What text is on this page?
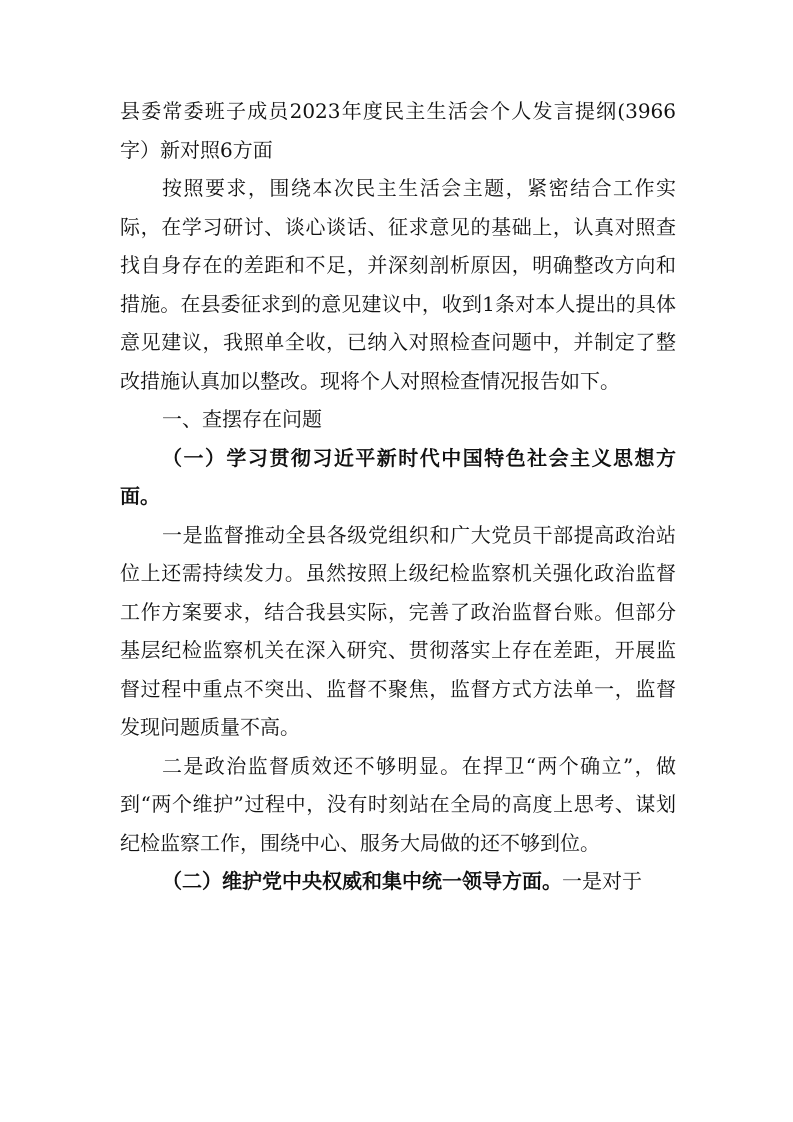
县委常委班子成员2023年度民主生活会个人发言提纲(3966字）新对照6方面

按照要求，围绕本次民主生活会主题，紧密结合工作实际，在学习研讨、谈心谈话、征求意见的基础上，认真对照查找自身存在的差距和不足，并深刻剖析原因，明确整改方向和措施。在县委征求到的意见建议中，收到1条对本人提出的具体意见建议，我照单全收，已纳入对照检查问题中，并制定了整改措施认真加以整改。现将个人对照检查情况报告如下。

一、查摆存在问题

（一）学习贯彻习近平新时代中国特色社会主义思想方面。

一是监督推动全县各级党组织和广大党员干部提高政治站位上还需持续发力。虽然按照上级纪检监察机关强化政治监督工作方案要求，结合我县实际，完善了政治监督台账。但部分基层纪检监察机关在深入研究、贯彻落实上存在差距，开展监督过程中重点不突出、监督不聚焦，监督方式方法单一，监督发现问题质量不高。

二是政治监督质效还不够明显。在捍卫“两个确立”，做到“两个维护”过程中，没有时刻站在全局的高度上思考、谋划纪检监察工作，围绕中心、服务大局做的还不够到位。

（二）维护党中央权威和集中统一领导方面。一是对于
